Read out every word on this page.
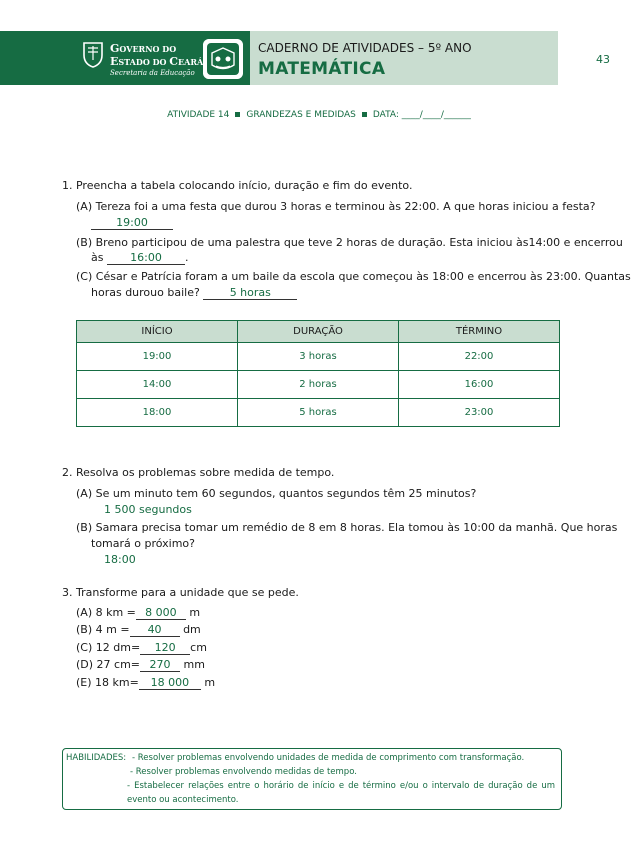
GOVERNO DO
ESTADO DO CEARÁ
Secretaria da Educação
CADERNO DE ATIVIDADES – 5º ANO
MATEMÁTICA	43
ATIVIDADE 14 GRANDEZAS E MEDIDAS DATA: ____/____/______
1. Preencha a tabela colocando início, duração e fim do evento.
(A) Tereza foi a uma festa que durou 3 horas e terminou às 22:00. A que horas iniciou a festa?
19:00
(B) Breno participou de uma palestra que teve 2 horas de duração. Esta iniciou às14:00 e encerrou
às 16:00 .
(C) César e Patrícia foram a um baile da escola que começou às 18:00 e encerrou às 23:00. Quantas
horas durouo baile?	5 horas
INÍCIO	DURAÇÃO	TÉRMINO
19:00	3 horas	22:00
14:00	2 horas	16:00
18:00	5 horas	23:00
2. Resolva os problemas sobre medida de tempo.
(A) Se um minuto tem 60 segundos, quantos segundos têm 25 minutos?
1 500 segundos
(B) Samara precisa tomar um remédio de 8 em 8 horas. Ela tomou às 10:00 da manhã. Que horas
tomará o próximo?
18:00
3. Transforme para a unidade que se pede.
(A) 8 km = 8 000 m
(B) 4 m = 40 dm
(C) 12 dm= 120 cm
(D) 27 cm= 270 mm
(E) 18 km= 18 000 m
HABILIDADES: - Resolver problemas envolvendo unidades de medida de comprimento com transformação.
- Resolver problemas envolvendo medidas de tempo.
- Estabelecer relações entre o horário de início e de término e/ou o intervalo de duração de um
evento ou acontecimento.
